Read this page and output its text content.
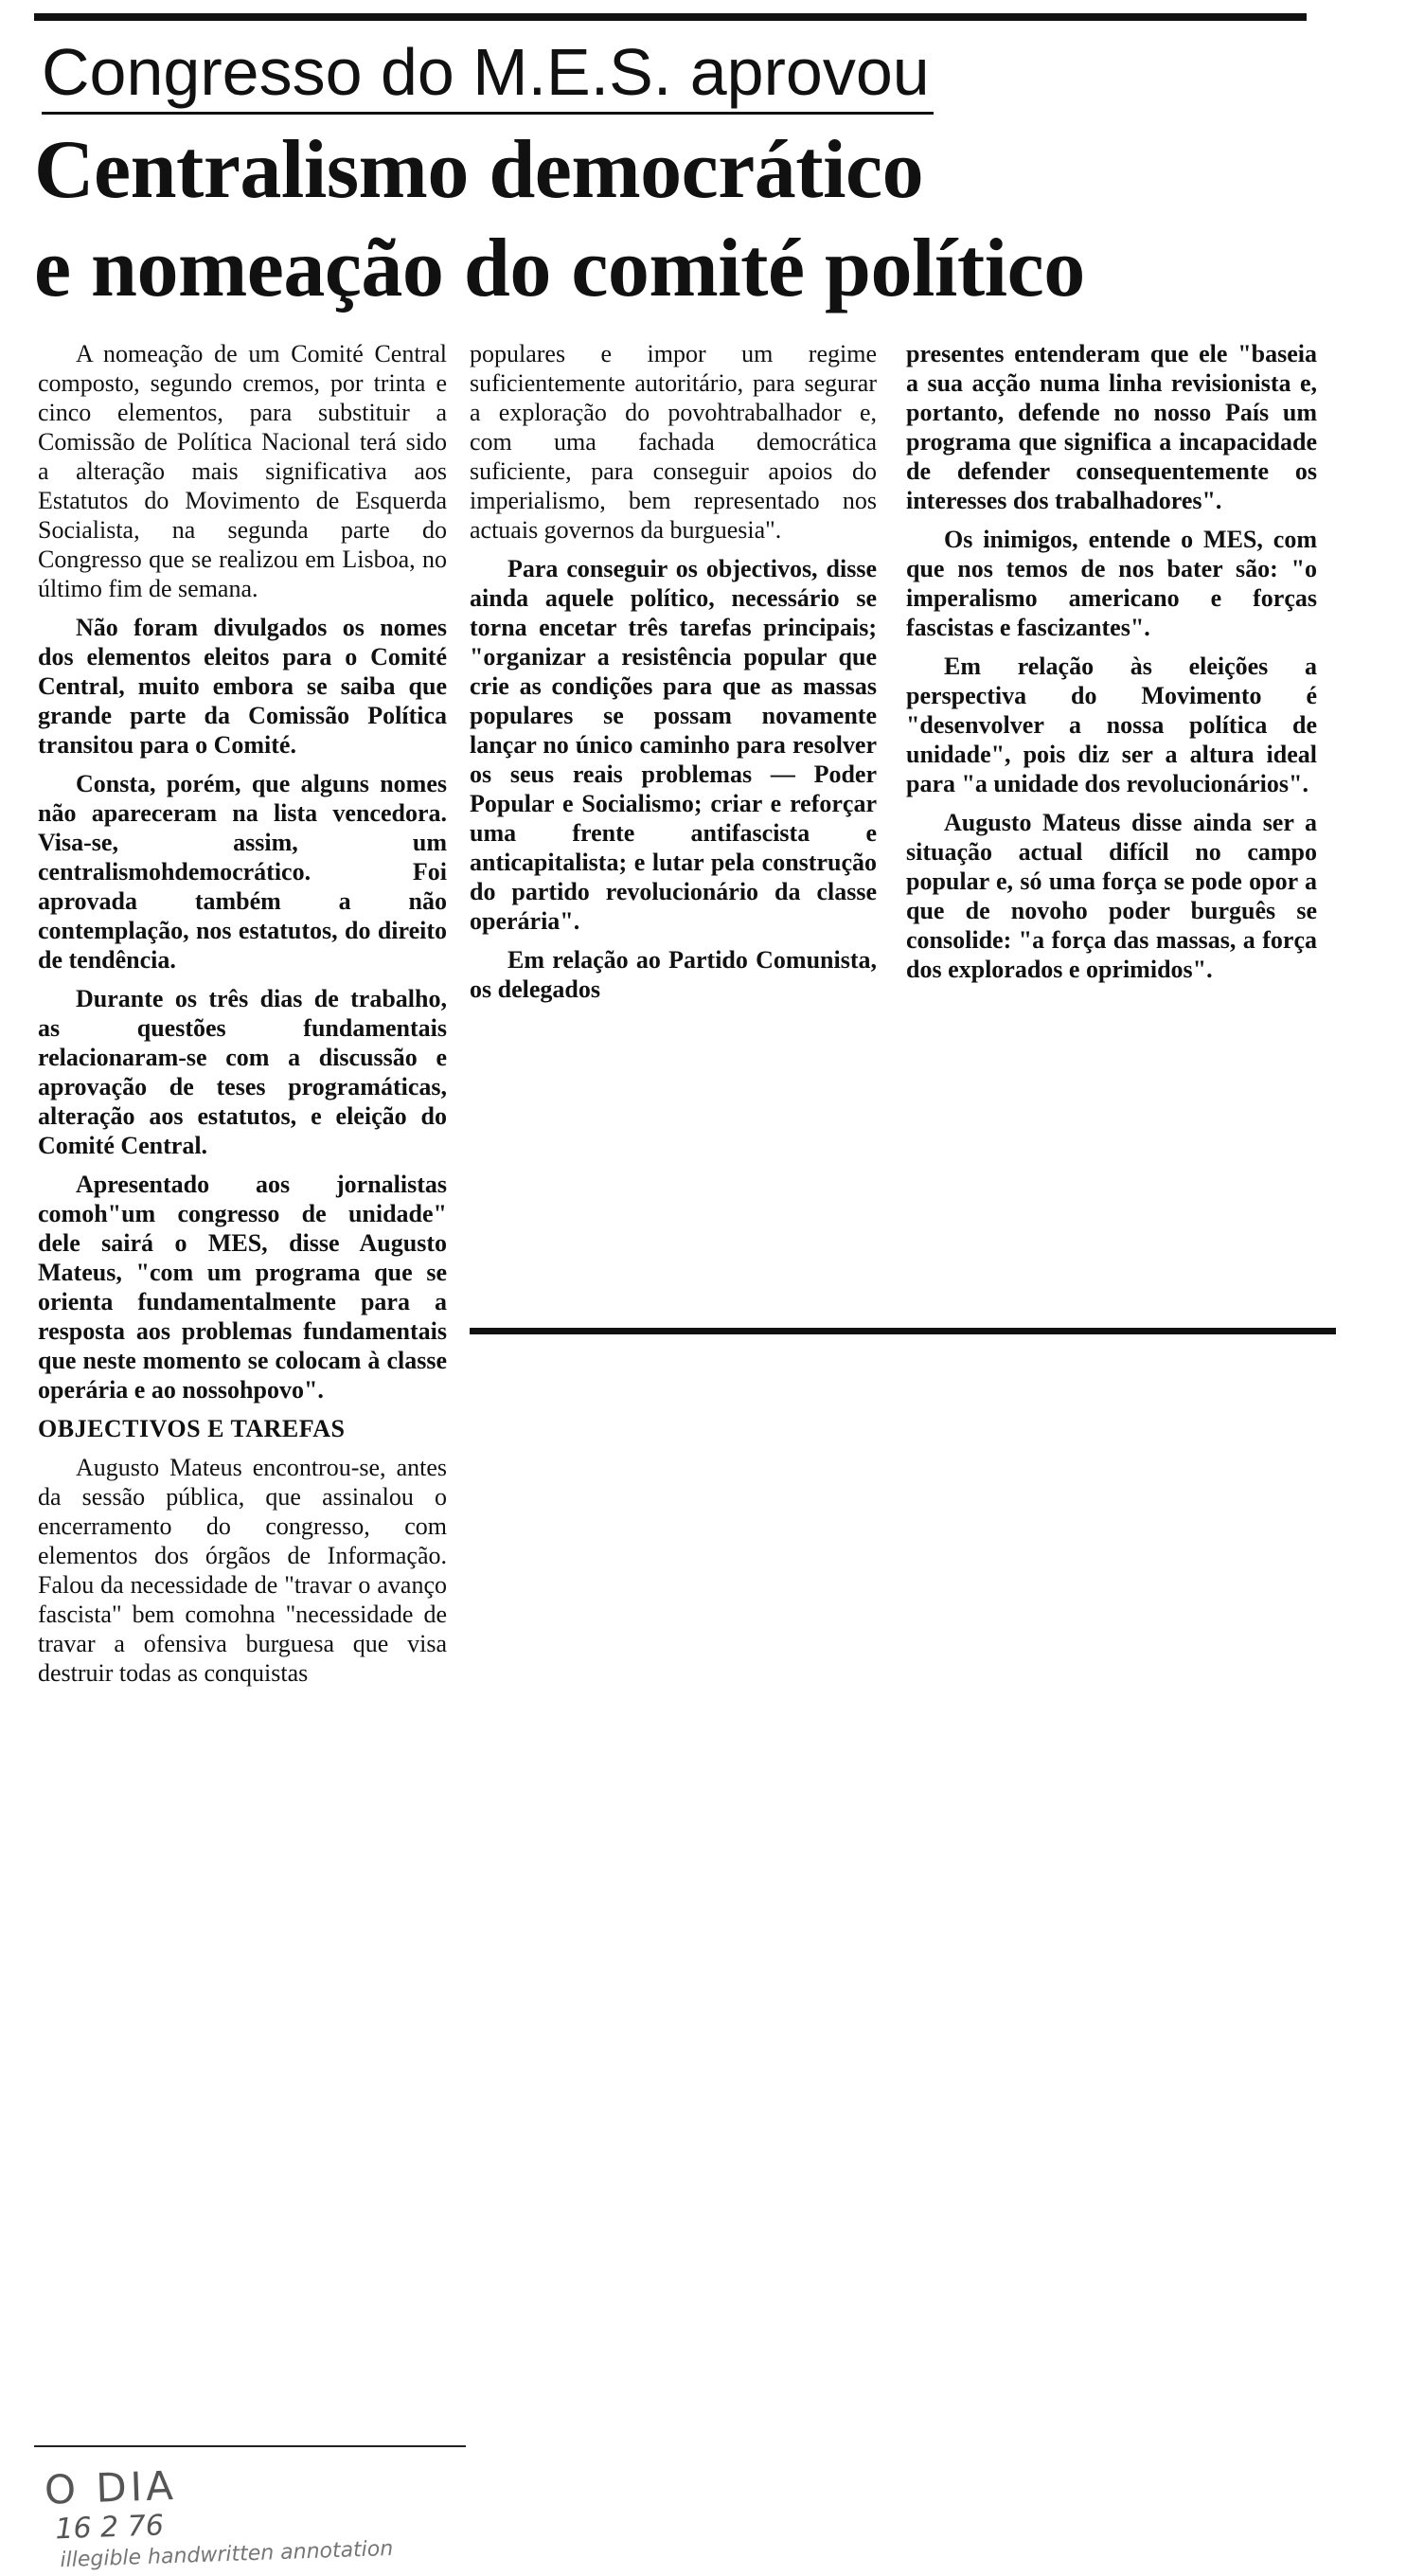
Congresso do M.E.S. aprovou
Centralismo democrático
e nomeação do comité político

A nomeação de um Comité Central composto, segundo cremos, por trinta e cinco elementos, para substituir a Comissão de Política Nacional terá sido a alteração mais significativa aos Estatutos do Movimento de Esquerda Socialista, na segunda parte do Congresso que se realizou em Lisboa, no último fim de semana.

Não foram divulgados os nomes dos elementos eleitos para o Comité Central, muito embora se saiba que grande parte da Comissão Política transitou para o Comité.

Consta, porém, que alguns nomes não apareceram na lista vencedora. Visa-se, assim, um centralismohdemocrático. Foi aprovada também a não contemplação, nos estatutos, do direito de tendência.

Durante os três dias de trabalho, as questões fundamentais relacionaram-se com a discussão e aprovação de teses programáticas, alteração aos estatutos, e eleição do Comité Central.

Apresentado aos jornalistas comoh"um congresso de unidade" dele sairá o MES, disse Augusto Mateus, "com um programa que se orienta fundamentalmente para a resposta aos problemas fundamentais que neste momento se colocam à classe operária e ao nossohpovo".

OBJECTIVOS E TAREFAS

Augusto Mateus encontrou-se, antes da sessão pública, que assinalou o encerramento do congresso, com elementos dos órgãos de Informação. Falou da necessidade de "travar o avanço fascista" bem comohna "necessidade de travar a ofensiva burguesa que visa destruir todas as conquistas

populares e impor um regime suficientemente autoritário, para segurar a exploração do povohtrabalhador e, com uma fachada democrática suficiente, para conseguir apoios do imperialismo, bem representado nos actuais governos da burguesia".

Para conseguir os objectivos, disse ainda aquele político, necessário se torna encetar três tarefas principais; "organizar a resistência popular que crie as condições para que as massas populares se possam novamente lançar no único caminho para resolver os seus reais problemas — Poder Popular e Socialismo; criar e reforçar uma frente antifascista e anticapitalista; e lutar pela construção do partido revolucionário da classe operária".

Em relação ao Partido Comunista, os delegados

presentes entenderam que ele "baseia a sua acção numa linha revisionista e, portanto, defende no nosso País um programa que significa a incapacidade de defender consequentemente os interesses dos trabalhadores".

Os inimigos, entende o MES, com que nos temos de nos bater são: "o imperalismo americano e forças fascistas e fascizantes".

Em relação às eleições a perspectiva do Movimento é "desenvolver a nossa política de unidade", pois diz ser a altura ideal para "a unidade dos revolucionários".

Augusto Mateus disse ainda ser a situação actual difícil no campo popular e, só uma força se pode opor a que de novoho poder burguês se consolide: "a força das massas, a força dos explorados e oprimidos".

O DIA
16 2 76
illegible handwritten annotation
